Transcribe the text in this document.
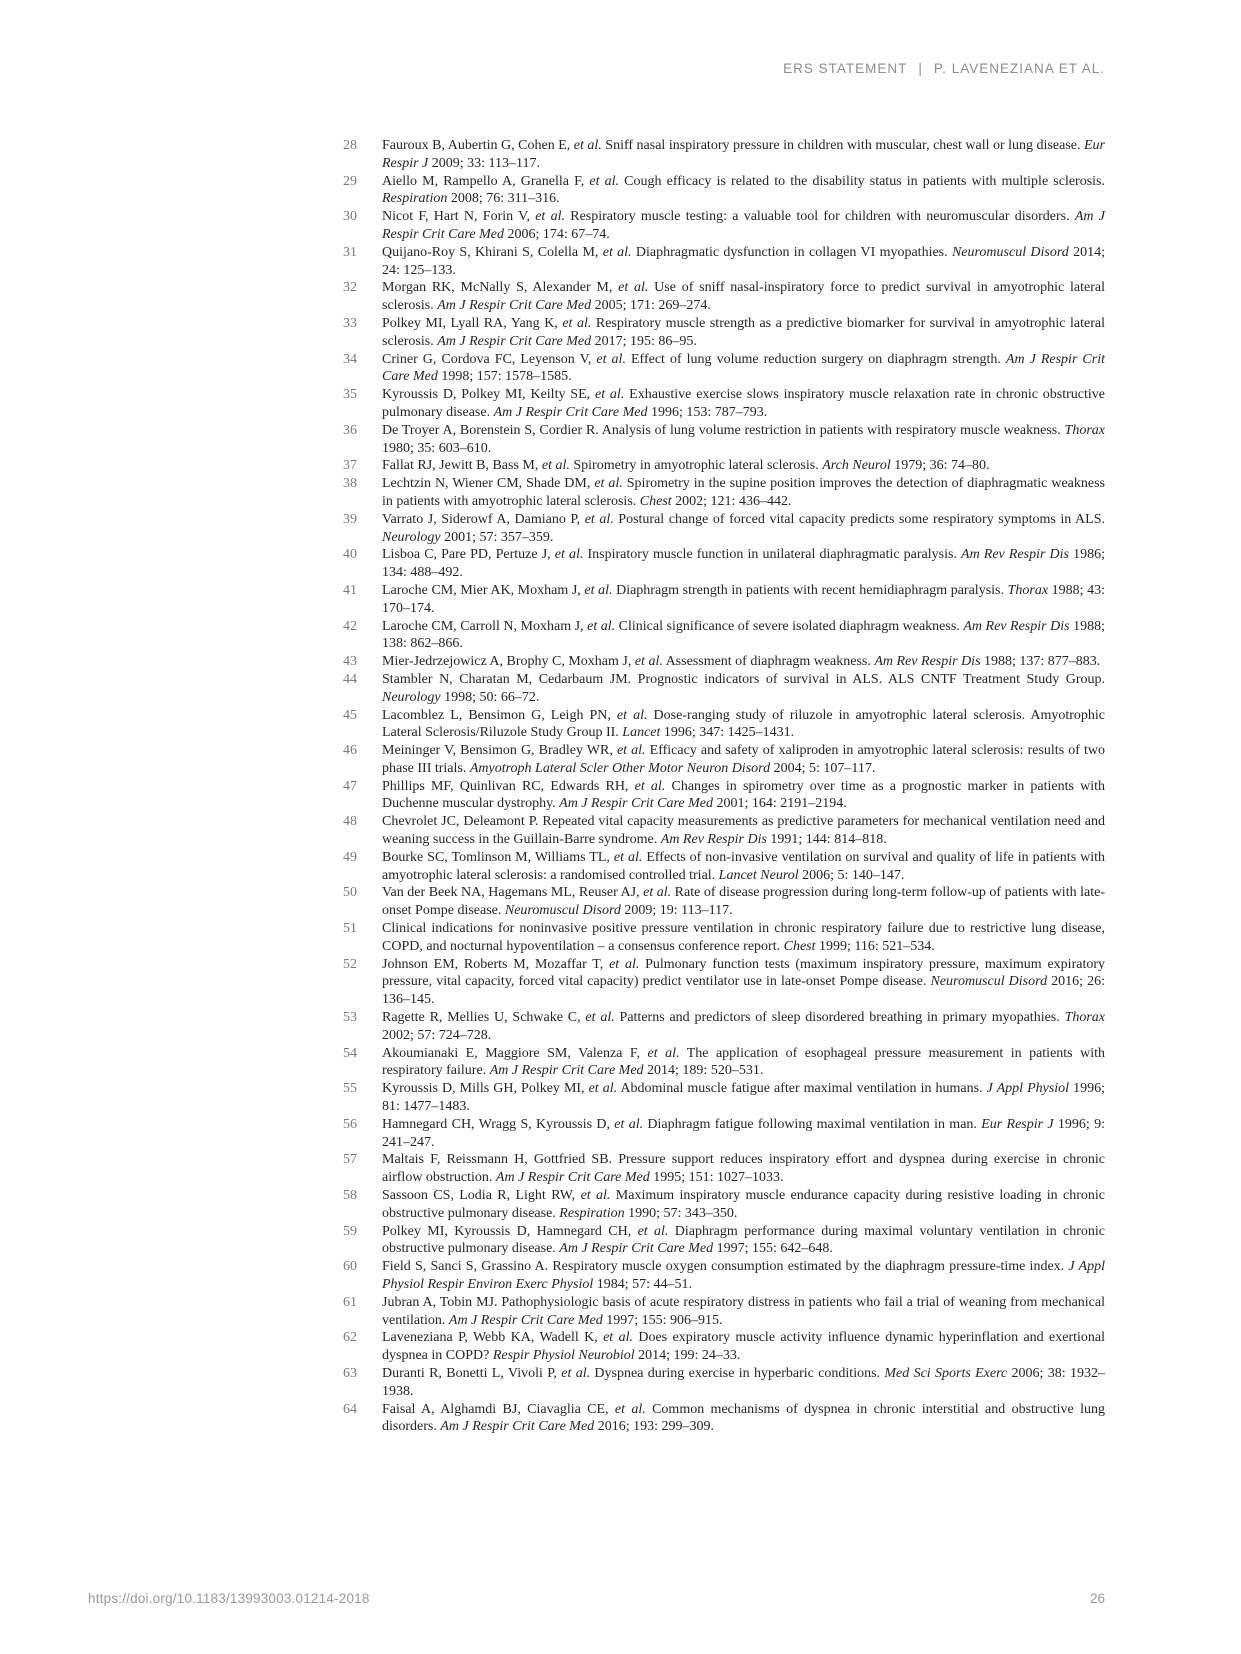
ERS STATEMENT | P. LAVENEZIANA ET AL.
28 Fauroux B, Aubertin G, Cohen E, et al. Sniff nasal inspiratory pressure in children with muscular, chest wall or lung disease. Eur Respir J 2009; 33: 113–117.

29 Aiello M, Rampello A, Granella F, et al. Cough efficacy is related to the disability status in patients with multiple sclerosis. Respiration 2008; 76: 311–316.

30 Nicot F, Hart N, Forin V, et al. Respiratory muscle testing: a valuable tool for children with neuromuscular disorders. Am J Respir Crit Care Med 2006; 174: 67–74.

31 Quijano-Roy S, Khirani S, Colella M, et al. Diaphragmatic dysfunction in collagen VI myopathies. Neuromuscul Disord 2014; 24: 125–133.

32 Morgan RK, McNally S, Alexander M, et al. Use of sniff nasal-inspiratory force to predict survival in amyotrophic lateral sclerosis. Am J Respir Crit Care Med 2005; 171: 269–274.

33 Polkey MI, Lyall RA, Yang K, et al. Respiratory muscle strength as a predictive biomarker for survival in amyotrophic lateral sclerosis. Am J Respir Crit Care Med 2017; 195: 86–95.

34 Criner G, Cordova FC, Leyenson V, et al. Effect of lung volume reduction surgery on diaphragm strength. Am J Respir Crit Care Med 1998; 157: 1578–1585.

35 Kyroussis D, Polkey MI, Keilty SE, et al. Exhaustive exercise slows inspiratory muscle relaxation rate in chronic obstructive pulmonary disease. Am J Respir Crit Care Med 1996; 153: 787–793.

36 De Troyer A, Borenstein S, Cordier R. Analysis of lung volume restriction in patients with respiratory muscle weakness. Thorax 1980; 35: 603–610.

37 Fallat RJ, Jewitt B, Bass M, et al. Spirometry in amyotrophic lateral sclerosis. Arch Neurol 1979; 36: 74–80.

38 Lechtzin N, Wiener CM, Shade DM, et al. Spirometry in the supine position improves the detection of diaphragmatic weakness in patients with amyotrophic lateral sclerosis. Chest 2002; 121: 436–442.

39 Varrato J, Siderowf A, Damiano P, et al. Postural change of forced vital capacity predicts some respiratory symptoms in ALS. Neurology 2001; 57: 357–359.

40 Lisboa C, Pare PD, Pertuze J, et al. Inspiratory muscle function in unilateral diaphragmatic paralysis. Am Rev Respir Dis 1986; 134: 488–492.

41 Laroche CM, Mier AK, Moxham J, et al. Diaphragm strength in patients with recent hemidiaphragm paralysis. Thorax 1988; 43: 170–174.

42 Laroche CM, Carroll N, Moxham J, et al. Clinical significance of severe isolated diaphragm weakness. Am Rev Respir Dis 1988; 138: 862–866.

43 Mier-Jedrzejowicz A, Brophy C, Moxham J, et al. Assessment of diaphragm weakness. Am Rev Respir Dis 1988; 137: 877–883.

44 Stambler N, Charatan M, Cedarbaum JM. Prognostic indicators of survival in ALS. ALS CNTF Treatment Study Group. Neurology 1998; 50: 66–72.

45 Lacomblez L, Bensimon G, Leigh PN, et al. Dose-ranging study of riluzole in amyotrophic lateral sclerosis. Amyotrophic Lateral Sclerosis/Riluzole Study Group II. Lancet 1996; 347: 1425–1431.

46 Meininger V, Bensimon G, Bradley WR, et al. Efficacy and safety of xaliproden in amyotrophic lateral sclerosis: results of two phase III trials. Amyotroph Lateral Scler Other Motor Neuron Disord 2004; 5: 107–117.

47 Phillips MF, Quinlivan RC, Edwards RH, et al. Changes in spirometry over time as a prognostic marker in patients with Duchenne muscular dystrophy. Am J Respir Crit Care Med 2001; 164: 2191–2194.

48 Chevrolet JC, Deleamont P. Repeated vital capacity measurements as predictive parameters for mechanical ventilation need and weaning success in the Guillain-Barre syndrome. Am Rev Respir Dis 1991; 144: 814–818.

49 Bourke SC, Tomlinson M, Williams TL, et al. Effects of non-invasive ventilation on survival and quality of life in patients with amyotrophic lateral sclerosis: a randomised controlled trial. Lancet Neurol 2006; 5: 140–147.

50 Van der Beek NA, Hagemans ML, Reuser AJ, et al. Rate of disease progression during long-term follow-up of patients with late-onset Pompe disease. Neuromuscul Disord 2009; 19: 113–117.

51 Clinical indications for noninvasive positive pressure ventilation in chronic respiratory failure due to restrictive lung disease, COPD, and nocturnal hypoventilation – a consensus conference report. Chest 1999; 116: 521–534.

52 Johnson EM, Roberts M, Mozaffar T, et al. Pulmonary function tests (maximum inspiratory pressure, maximum expiratory pressure, vital capacity, forced vital capacity) predict ventilator use in late-onset Pompe disease. Neuromuscul Disord 2016; 26: 136–145.

53 Ragette R, Mellies U, Schwake C, et al. Patterns and predictors of sleep disordered breathing in primary myopathies. Thorax 2002; 57: 724–728.

54 Akoumianaki E, Maggiore SM, Valenza F, et al. The application of esophageal pressure measurement in patients with respiratory failure. Am J Respir Crit Care Med 2014; 189: 520–531.

55 Kyroussis D, Mills GH, Polkey MI, et al. Abdominal muscle fatigue after maximal ventilation in humans. J Appl Physiol 1996; 81: 1477–1483.

56 Hamnegard CH, Wragg S, Kyroussis D, et al. Diaphragm fatigue following maximal ventilation in man. Eur Respir J 1996; 9: 241–247.

57 Maltais F, Reissmann H, Gottfried SB. Pressure support reduces inspiratory effort and dyspnea during exercise in chronic airflow obstruction. Am J Respir Crit Care Med 1995; 151: 1027–1033.

58 Sassoon CS, Lodia R, Light RW, et al. Maximum inspiratory muscle endurance capacity during resistive loading in chronic obstructive pulmonary disease. Respiration 1990; 57: 343–350.

59 Polkey MI, Kyroussis D, Hamnegard CH, et al. Diaphragm performance during maximal voluntary ventilation in chronic obstructive pulmonary disease. Am J Respir Crit Care Med 1997; 155: 642–648.

60 Field S, Sanci S, Grassino A. Respiratory muscle oxygen consumption estimated by the diaphragm pressure-time index. J Appl Physiol Respir Environ Exerc Physiol 1984; 57: 44–51.

61 Jubran A, Tobin MJ. Pathophysiologic basis of acute respiratory distress in patients who fail a trial of weaning from mechanical ventilation. Am J Respir Crit Care Med 1997; 155: 906–915.

62 Laveneziana P, Webb KA, Wadell K, et al. Does expiratory muscle activity influence dynamic hyperinflation and exertional dyspnea in COPD? Respir Physiol Neurobiol 2014; 199: 24–33.

63 Duranti R, Bonetti L, Vivoli P, et al. Dyspnea during exercise in hyperbaric conditions. Med Sci Sports Exerc 2006; 38: 1932–1938.

64 Faisal A, Alghamdi BJ, Ciavaglia CE, et al. Common mechanisms of dyspnea in chronic interstitial and obstructive lung disorders. Am J Respir Crit Care Med 2016; 193: 299–309.

https://doi.org/10.1183/13993003.01214-2018	26
